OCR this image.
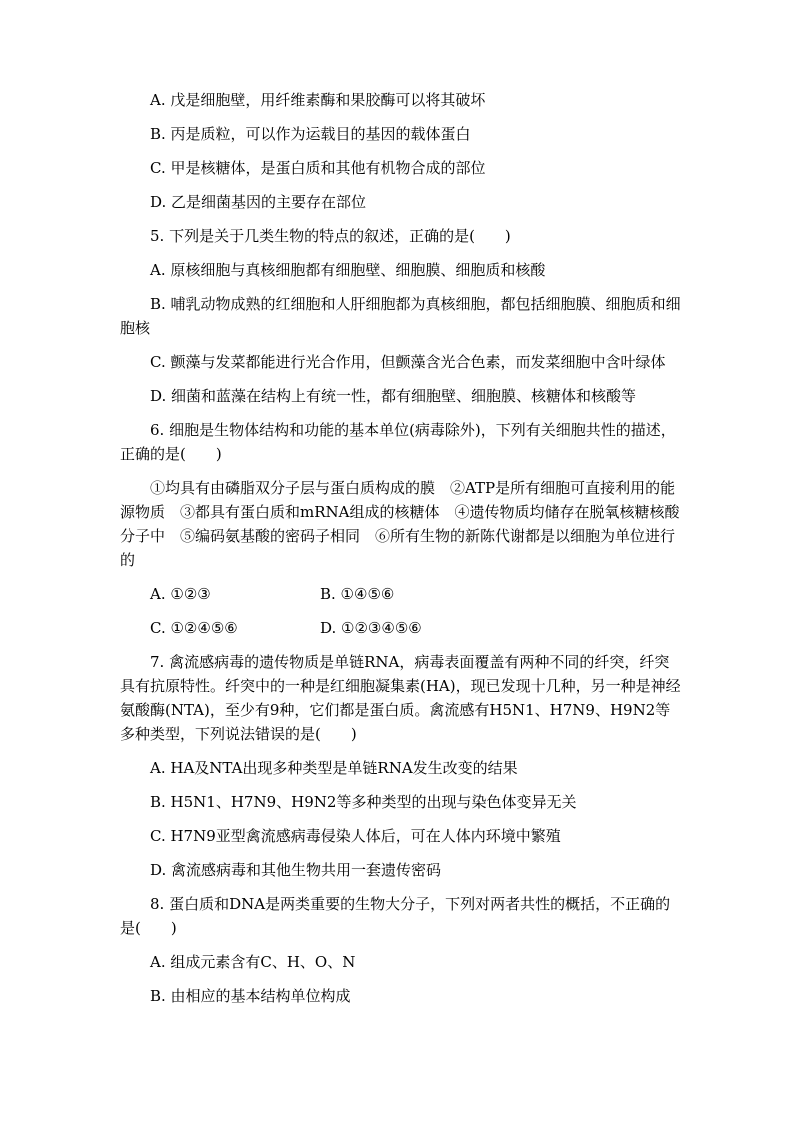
A. 戊是细胞壁，用纤维素酶和果胶酶可以将其破坏

B. 丙是质粒，可以作为运载目的基因的载体蛋白

C. 甲是核糖体，是蛋白质和其他有机物合成的部位

D. 乙是细菌基因的主要存在部位

5. 下列是关于几类生物的特点的叙述，正确的是(　　)

A. 原核细胞与真核细胞都有细胞壁、细胞膜、细胞质和核酸

B. 哺乳动物成熟的红细胞和人肝细胞都为真核细胞，都包括细胞膜、细胞质和细胞核

C. 颤藻与发菜都能进行光合作用，但颤藻含光合色素，而发菜细胞中含叶绿体

D. 细菌和蓝藻在结构上有统一性，都有细胞壁、细胞膜、核糖体和核酸等

6. 细胞是生物体结构和功能的基本单位(病毒除外)，下列有关细胞共性的描述，正确的是(　　)

①均具有由磷脂双分子层与蛋白质构成的膜　②ATP是所有细胞可直接利用的能源物质　③都具有蛋白质和mRNA组成的核糖体　④遗传物质均储存在脱氧核糖核酸分子中　⑤编码氨基酸的密码子相同　⑥所有生物的新陈代谢都是以细胞为单位进行的

A. ①②③	B. ①④⑤⑥
C. ①②④⑤⑥	D. ①②③④⑤⑥

7. 禽流感病毒的遗传物质是单链RNA，病毒表面覆盖有两种不同的纤突，纤突具有抗原特性。纤突中的一种是红细胞凝集素(HA)，现已发现十几种，另一种是神经氨酸酶(NTA)，至少有9种，它们都是蛋白质。禽流感有H5N1、H7N9、H9N2等多种类型，下列说法错误的是(　　)

A. HA及NTA出现多种类型是单链RNA发生改变的结果

B. H5N1、H7N9、H9N2等多种类型的出现与染色体变异无关

C. H7N9亚型禽流感病毒侵染人体后，可在人体内环境中繁殖

D. 禽流感病毒和其他生物共用一套遗传密码

8. 蛋白质和DNA是两类重要的生物大分子，下列对两者共性的概括，不正确的是(　　)

A. 组成元素含有C、H、O、N

B. 由相应的基本结构单位构成
